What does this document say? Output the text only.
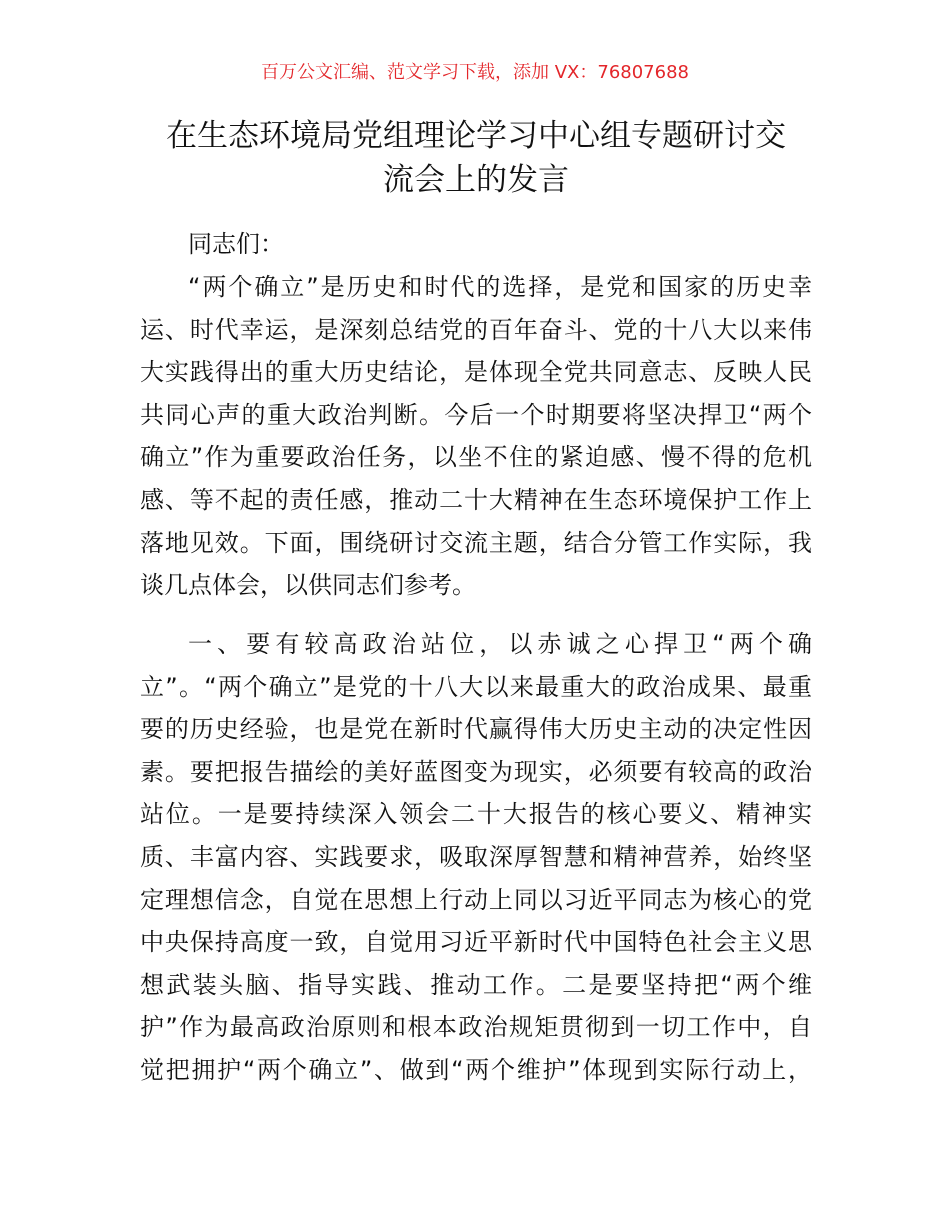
百万公文汇编、范文学习下载，添加 VX：76807688
在生态环境局党组理论学习中心组专题研讨交
流会上的发言
同志们：
“两个确立”是历史和时代的选择，是党和国家的历史幸
运、时代幸运，是深刻总结党的百年奋斗、党的十八大以来伟
大实践得出的重大历史结论，是体现全党共同意志、反映人民
共同心声的重大政治判断。今后一个时期要将坚决捍卫“两个
确立”作为重要政治任务，以坐不住的紧迫感、慢不得的危机
感、等不起的责任感，推动二十大精神在生态环境保护工作上
落地见效。下面，围绕研讨交流主题，结合分管工作实际，我
谈几点体会，以供同志们参考。
一、要有较高政治站位，以赤诚之心捍卫“两个确
立”。“两个确立”是党的十八大以来最重大的政治成果、最重
要的历史经验，也是党在新时代赢得伟大历史主动的决定性因
素。要把报告描绘的美好蓝图变为现实，必须要有较高的政治
站位。一是要持续深入领会二十大报告的核心要义、精神实
质、丰富内容、实践要求，吸取深厚智慧和精神营养，始终坚
定理想信念，自觉在思想上行动上同以习近平同志为核心的党
中央保持高度一致，自觉用习近平新时代中国特色社会主义思
想武装头脑、指导实践、推动工作。二是要坚持把“两个维
护”作为最高政治原则和根本政治规矩贯彻到一切工作中，自
觉把拥护“两个确立”、做到“两个维护”体现到实际行动上，
